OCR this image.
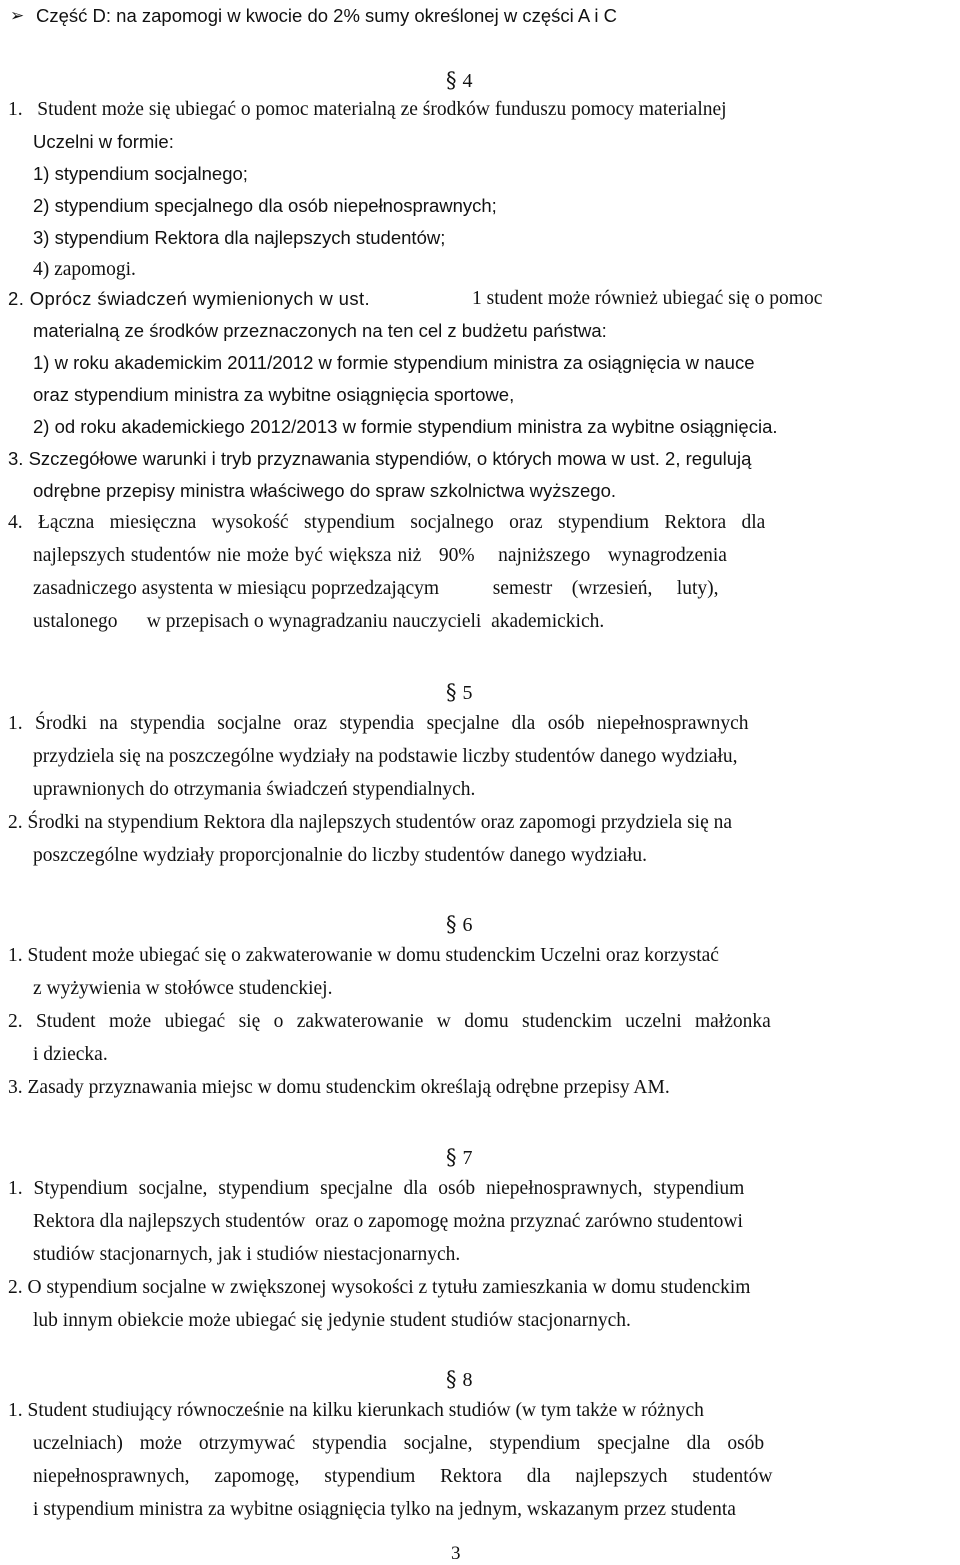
Część D: na zapomogi w kwocie do 2% sumy określonej w części A i C
➢
§ 4
1.   Student może się ubiegać o pomoc materialną ze środków funduszu pomocy materialnej
Uczelni w formie:
1) stypendium socjalnego;
2) stypendium specjalnego dla osób niepełnosprawnych;
3) stypendium Rektora dla najlepszych studentów;
4) zapomogi.
2. Oprócz świadczeń wymienionych w ust.	1 student może również ubiegać się o pomoc
materialną ze środków przeznaczonych na ten cel z budżetu państwa:
1) w roku akademickim 2011/2012 w formie stypendium ministra za osiągnięcia w nauce
oraz stypendium ministra za wybitne osiągnięcia sportowe,
2) od roku akademickiego 2012/2013 w formie stypendium ministra za wybitne osiągnięcia.
3. Szczegółowe warunki i tryb przyznawania stypendiów, o których mowa w ust. 2, regulują
odrębne przepisy ministra właściwego do spraw szkolnictwa wyższego.
4. Łączna miesięczna wysokość stypendium socjalnego oraz stypendium Rektora dla
najlepszych studentów nie może być większa niż   90%    najniższego   wynagrodzenia
zasadniczego asystenta w miesiącu poprzedzającym           semestr    (wrzesień,     luty),
ustalonego      w przepisach o wynagradzaniu nauczycieli  akademickich.
§ 5
1. Środki na stypendia socjalne oraz stypendia specjalne dla osób niepełnosprawnych
przydziela się na poszczególne wydziały na podstawie liczby studentów danego wydziału,
uprawnionych do otrzymania świadczeń stypendialnych.
2. Środki na stypendium Rektora dla najlepszych studentów oraz zapomogi przydziela się na
poszczególne wydziały proporcjonalnie do liczby studentów danego wydziału.
§ 6
1. Student może ubiegać się o zakwaterowanie w domu studenckim Uczelni oraz korzystać
z wyżywienia w stołówce studenckiej.
2. Student może ubiegać się o zakwaterowanie w domu studenckim uczelni małżonka
i dziecka.
3. Zasady przyznawania miejsc w domu studenckim określają odrębne przepisy AM.
§ 7
1. Stypendium socjalne, stypendium specjalne dla osób niepełnosprawnych, stypendium
Rektora dla najlepszych studentów  oraz o zapomogę można przyznać zarówno studentowi
studiów stacjonarnych, jak i studiów niestacjonarnych.
2. O stypendium socjalne w zwiększonej wysokości z tytułu zamieszkania w domu studenckim
lub innym obiekcie może ubiegać się jedynie student studiów stacjonarnych.
§ 8
1. Student studiujący równocześnie na kilku kierunkach studiów (w tym także w różnych
uczelniach) może otrzymywać stypendia socjalne, stypendium specjalne dla osób
niepełnosprawnych, zapomogę, stypendium Rektora dla najlepszych studentów
i stypendium ministra za wybitne osiągnięcia tylko na jednym, wskazanym przez studenta
3
